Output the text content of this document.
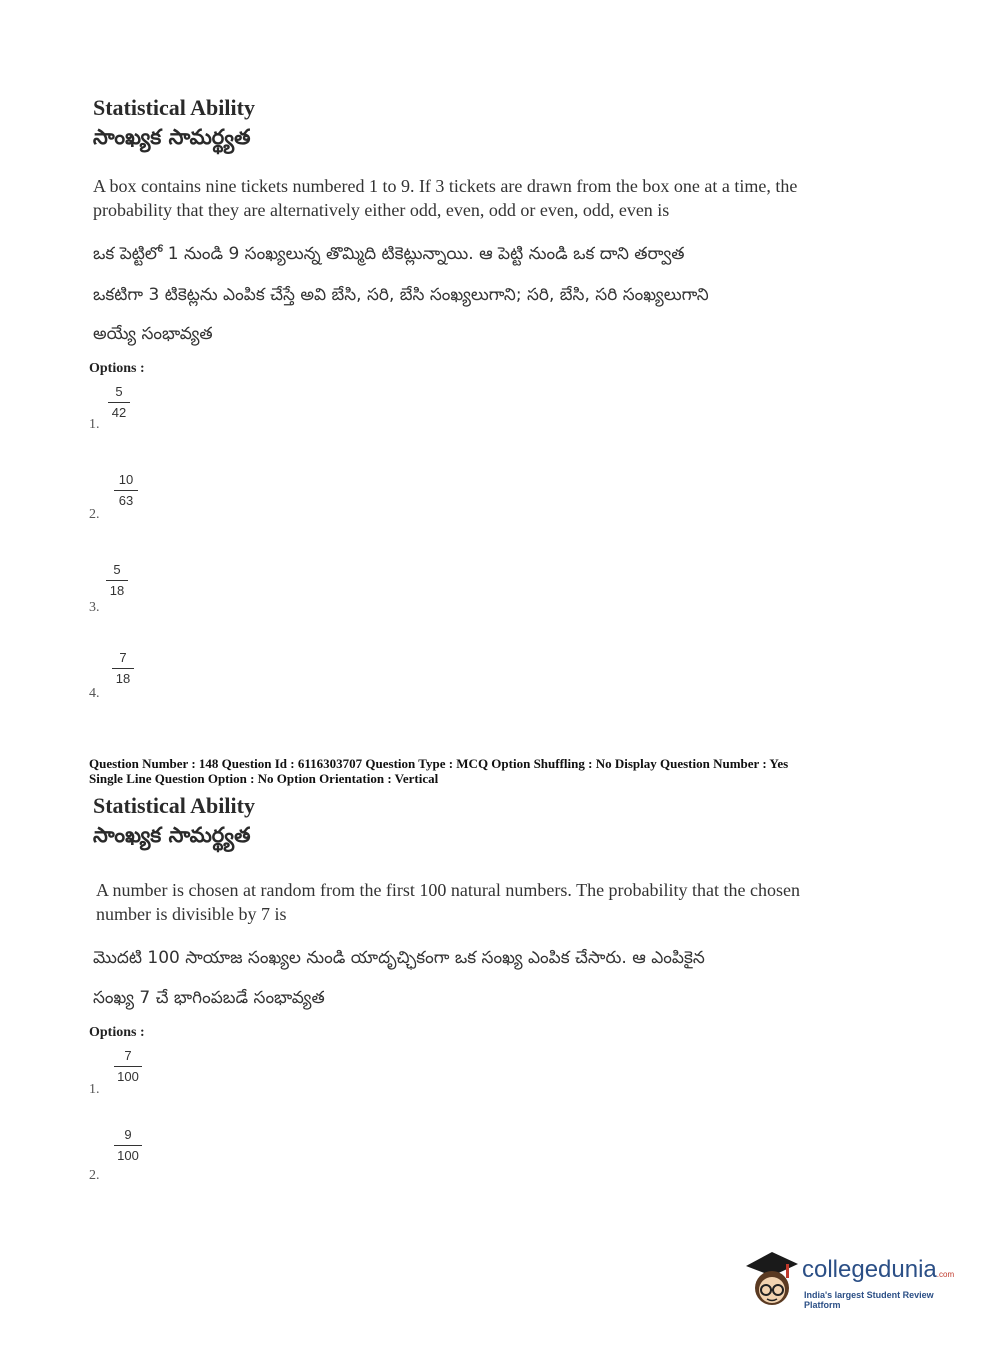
Statistical Ability
సాంఖ్యక సామర్థ్యత
A box contains nine tickets numbered 1 to 9. If 3 tickets are drawn from the box one at a time, the probability that they are alternatively either odd, even, odd or even, odd, even is
ఒక పెట్టిలో 1 నుండి 9 సంఖ్యలున్న తొమ్మిది టికెట్లున్నాయి. ఆ పెట్టి నుండి ఒక దాని తర్వాత
ఒకటిగా 3 టికెట్లను ఎంపిక చేస్తే అవి బేసి, సరి, బేసి సంఖ్యలుగాని; సరి, బేసి, సరి సంఖ్యలుగాని
అయ్యే సంభావ్యత
Options :
5
42
1.
10
63
2.
5
18
3.
7
18
4.
Question Number : 148 Question Id : 6116303707 Question Type : MCQ Option Shuffling : No Display Question Number : Yes
Single Line Question Option : No Option Orientation : Vertical
Statistical Ability
సాంఖ్యక సామర్థ్యత
A number is chosen at random from the first 100 natural numbers. The probability that the chosen number is divisible by 7 is
మొదటి 100 సాయాజ సంఖ్యల నుండి యాదృచ్ఛికంగా ఒక సంఖ్య ఎంపిక చేసారు. ఆ ఎంపికైన
సంఖ్య 7 చే భాగింపబడే సంభావ్యత
Options :
7
100
1.
9
100
2.
collegedunia.com
India's largest Student Review Platform
